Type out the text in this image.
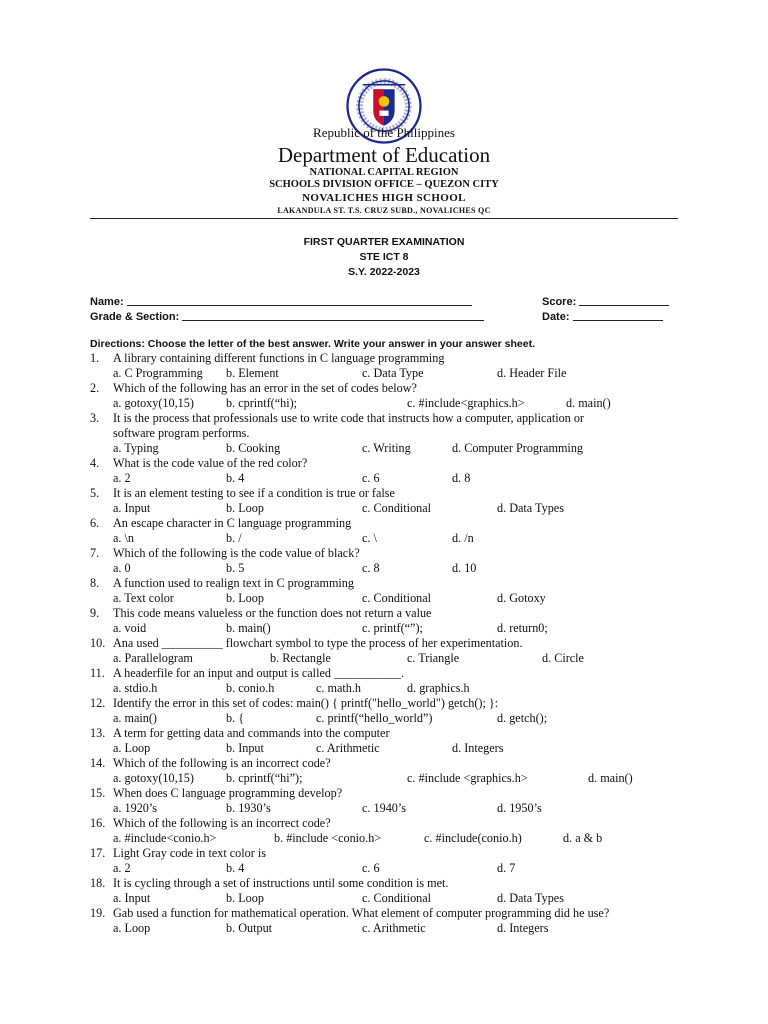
Republic of the Philippines
Department of Education
NATIONAL CAPITAL REGION
SCHOOLS DIVISION OFFICE – QUEZON CITY
NOVALICHES HIGH SCHOOL
LAKANDULA ST. T.S. CRUZ SUBD., NOVALICHES QC
FIRST QUARTER EXAMINATION
STE ICT 8
S.Y. 2022-2023
Name:	Score:
Grade & Section:	Date:
Directions: Choose the letter of the best answer. Write your answer in your answer sheet.
1. A library containing different functions in C language programming
a. C Programming b. Element	c. Data Type	d. Header File
2. Which of the following has an error in the set of codes below?
a. gotoxy(10,15)	b. cprintf(“hi);	c. #include<graphics.h>	d. main()
3. It is the process that professionals use to write code that instructs how a computer, application or
software program performs.
a. Typing	b. Cooking	c. Writing	d. Computer Programming
4. What is the code value of the red color?
a. 2	b. 4	c. 6	d. 8
5. It is an element testing to see if a condition is true or false
a. Input	b. Loop	c. Conditional	d. Data Types
6. An escape character in C language programming
a. \n	b. /	c. \	d. /n
7. Which of the following is the code value of black?
a. 0	b. 5	c. 8	d. 10
8. A function used to realign text in C programming
a. Text color	b. Loop	c. Conditional	d. Gotoxy
9. This code means valueless or the function does not return a value
a. void	b. main()	c. printf(“”);	d. return0;
10. Ana used __________ flowchart symbol to type the process of her experimentation.
a. Parallelogram	b. Rectangle	c. Triangle	d. Circle
11. A headerfile for an input and output is called ___________.
a. stdio.h	b. conio.h	c. math.h	d. graphics.h
12. Identify the error in this set of codes: main() { printf("hello_world") getch(); }:
a. main()	b. {	c. printf(“hello_world”)	d. getch();
13. A term for getting data and commands into the computer
a. Loop	b. Input	c. Arithmetic	d. Integers
14. Which of the following is an incorrect code?
a. gotoxy(10,15)	b. cprintf(“hi”);	c. #include <graphics.h>	d. main()
15. When does C language programming develop?
a. 1920’s	b. 1930’s	c. 1940’s	d. 1950’s
16. Which of the following is an incorrect code?
a. #include<conio.h>	b. #include <conio.h>	c. #include(conio.h)	d. a & b
17. Light Gray code in text color is
a. 2	b. 4	c. 6	d. 7
18. It is cycling through a set of instructions until some condition is met.
a. Input	b. Loop	c. Conditional	d. Data Types
19. Gab used a function for mathematical operation. What element of computer programming did he use?
a. Loop	b. Output	c. Arithmetic	d. Integers
